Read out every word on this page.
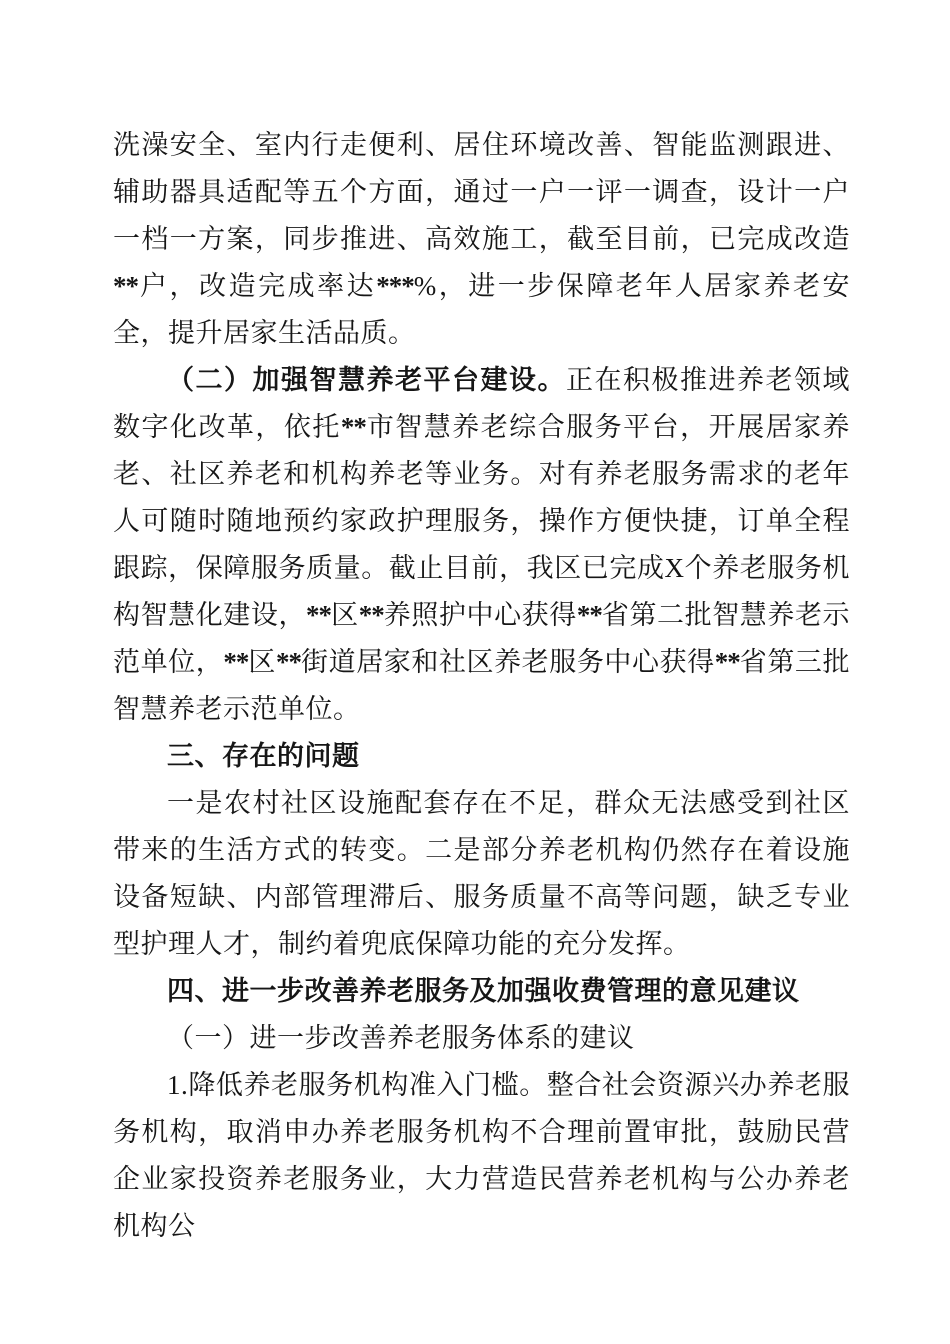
洗澡安全、室内行走便利、居住环境改善、智能监测跟进、辅助器具适配等五个方面，通过一户一评一调查，设计一户一档一方案，同步推进、高效施工，截至目前，已完成改造**户，改造完成率达***%，进一步保障老年人居家养老安全，提升居家生活品质。

（二）加强智慧养老平台建设。正在积极推进养老领域数字化改革，依托**市智慧养老综合服务平台，开展居家养老、社区养老和机构养老等业务。对有养老服务需求的老年人可随时随地预约家政护理服务，操作方便快捷，订单全程跟踪，保障服务质量。截止目前，我区已完成X个养老服务机构智慧化建设，**区**养照护中心获得**省第二批智慧养老示范单位，**区**街道居家和社区养老服务中心获得**省第三批智慧养老示范单位。

三、存在的问题

一是农村社区设施配套存在不足，群众无法感受到社区带来的生活方式的转变。二是部分养老机构仍然存在着设施设备短缺、内部管理滞后、服务质量不高等问题，缺乏专业型护理人才，制约着兜底保障功能的充分发挥。

四、进一步改善养老服务及加强收费管理的意见建议

（一）进一步改善养老服务体系的建议

1.降低养老服务机构准入门槛。整合社会资源兴办养老服务机构，取消申办养老服务机构不合理前置审批，鼓励民营企业家投资养老服务业，大力营造民营养老机构与公办养老机构公
